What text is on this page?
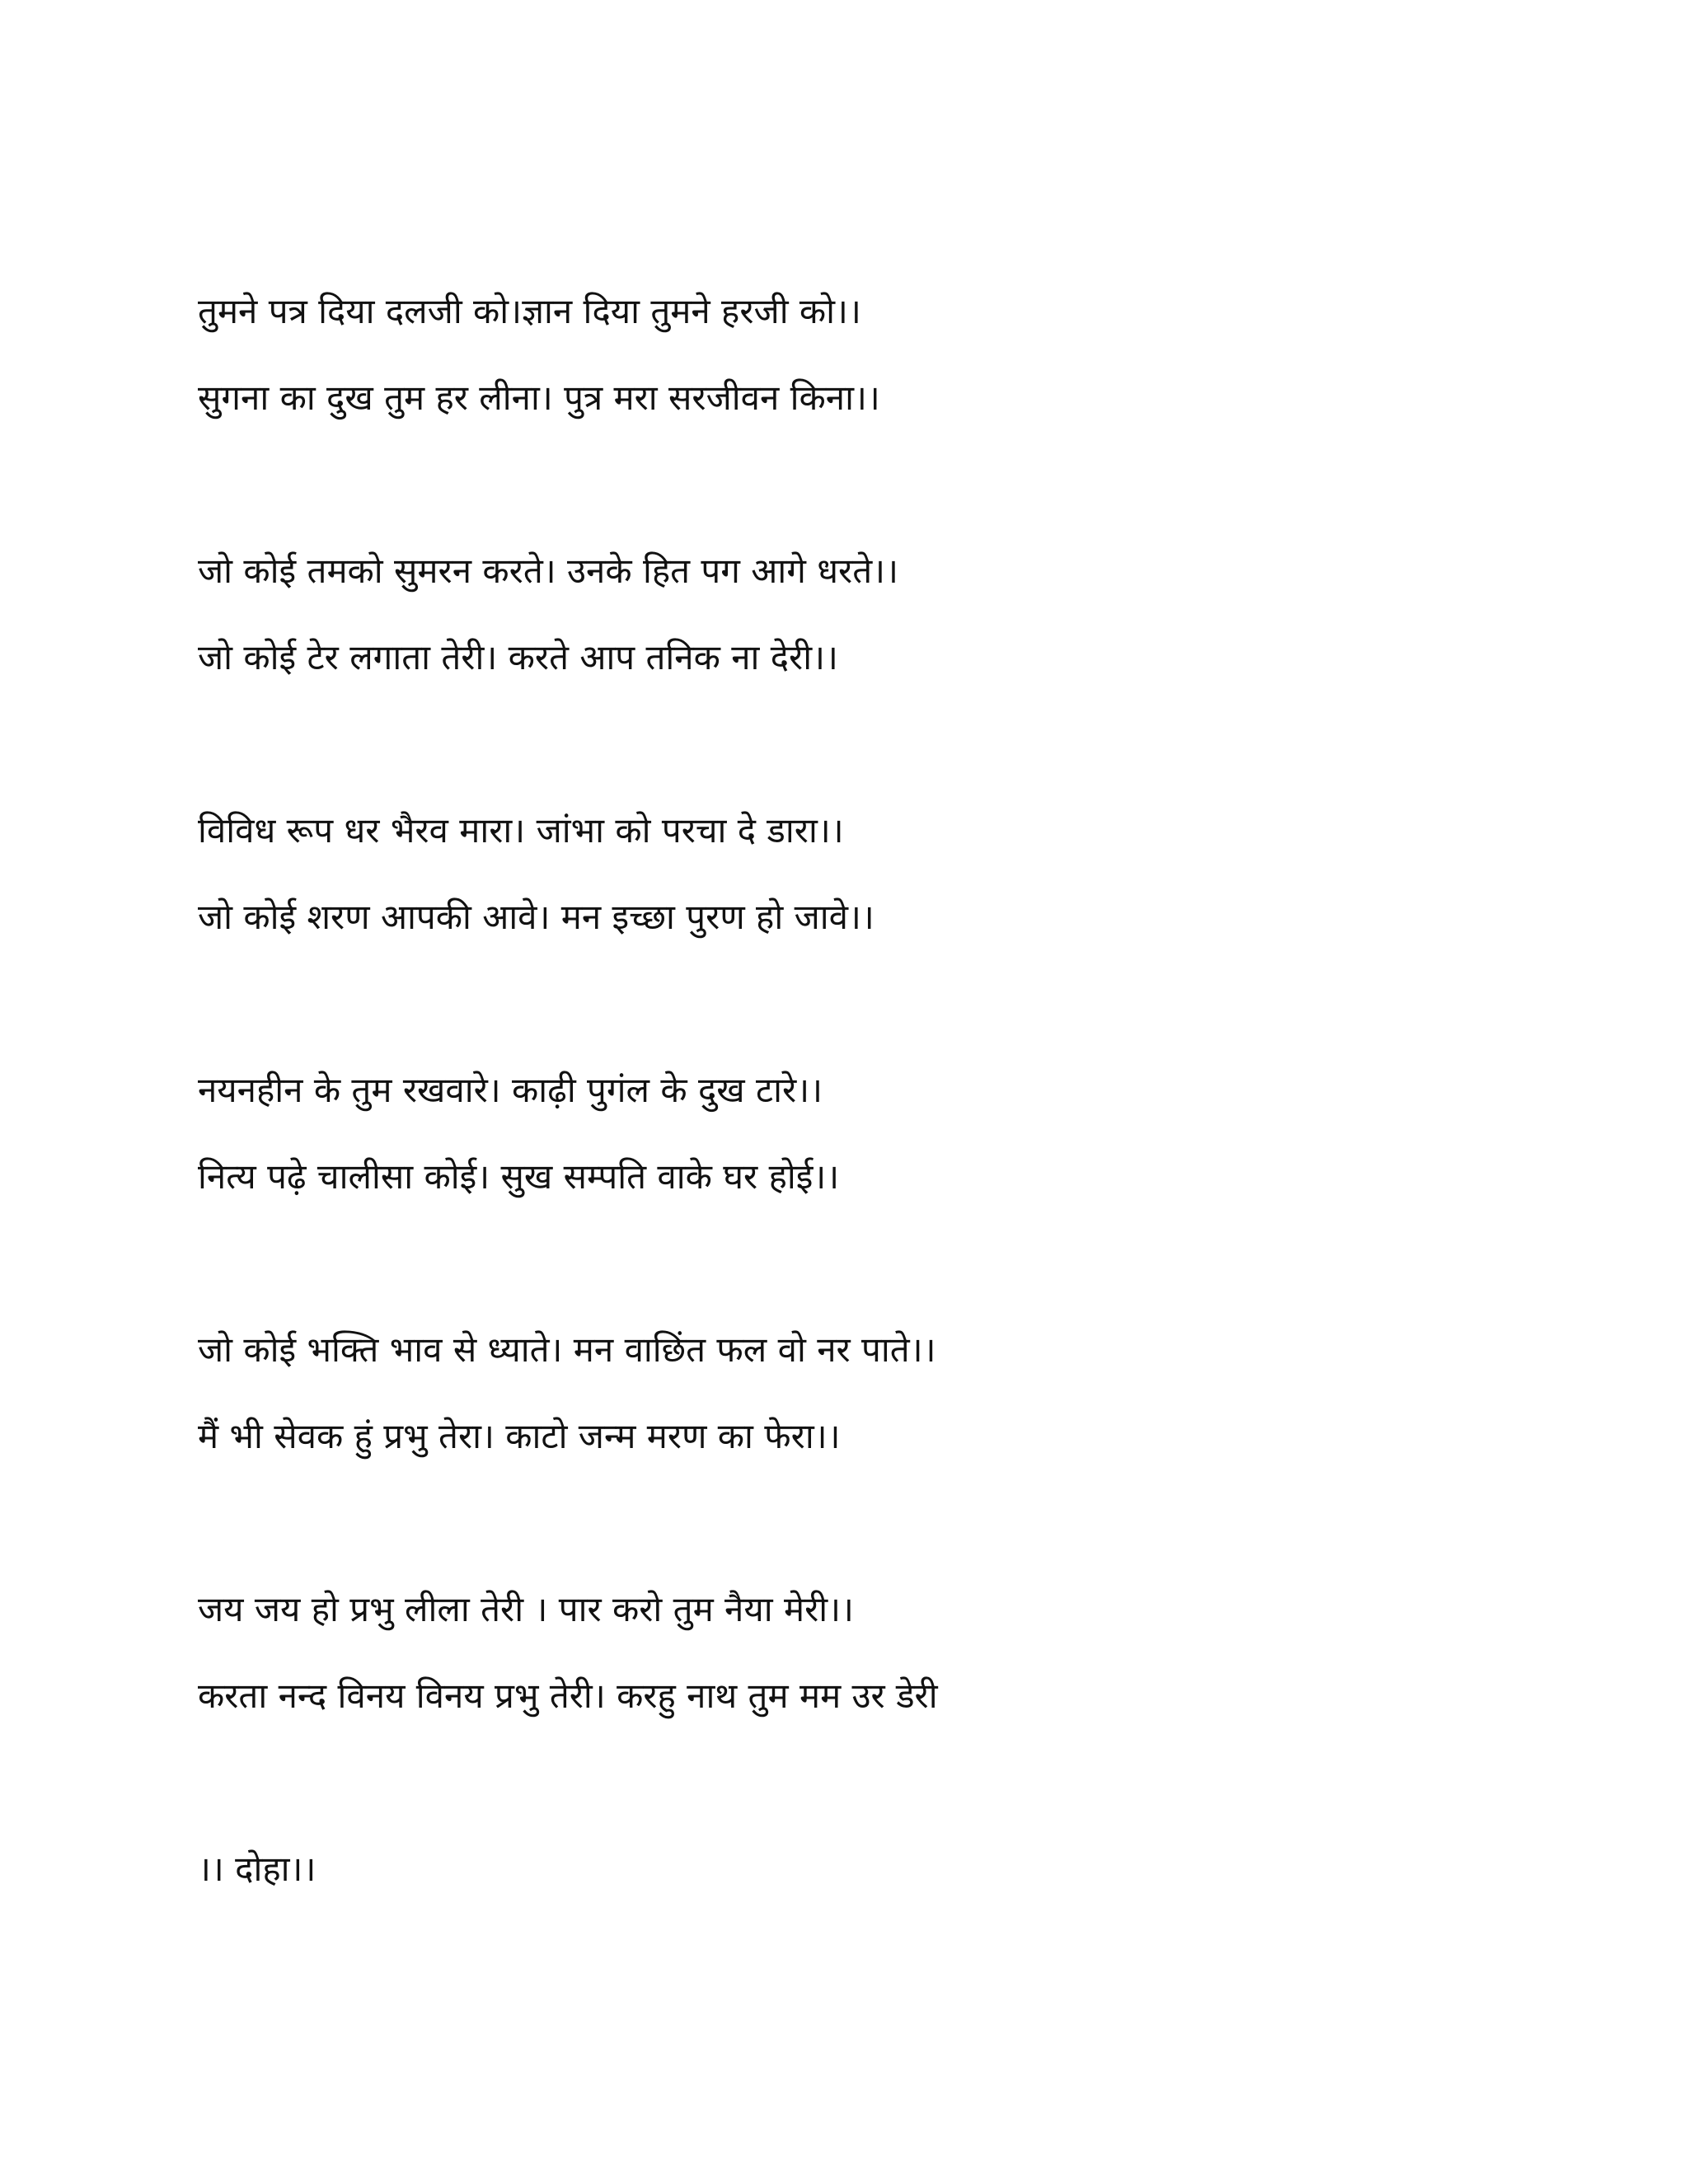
तुमने पत्र दिया दलजी को।ज्ञान दिया तुमने हरजी को।।
सुगना का दुख तुम हर लीना। पुत्र मरा सरजीवन किना।।
जो कोई तमको सुमरन करते। उनके हित पग आगे धरते।।
जो कोई टेर लगाता तेरी। करते आप तनिक ना देरी।।
विविध रूप धर भैरव मारा। जांभा को परचा दे डारा।।
जो कोई शरण आपकी आवे। मन इच्छा पुरण हो जावे।।
नयनहीन के तुम रखवारे। काढ़ी पुगंल के दुख टारे।।
नित्य पढ़े चालीसा कोई। सुख सम्पति वाके घर होई।।
जो कोई भक्ति भाव से ध्याते। मन वाछिंत फल वो नर पाते।।
मैं भी सेवक हुं प्रभु तेरा। काटो जन्म मरण का फेरा।।
जय जय हो प्रभु लीला तेरी । पार करो तुम नैया मेरी।।
करता नन्द विनय विनय प्रभु तेरी। करहु नाथ तुम मम उर डेरी
।। दोहा।।
